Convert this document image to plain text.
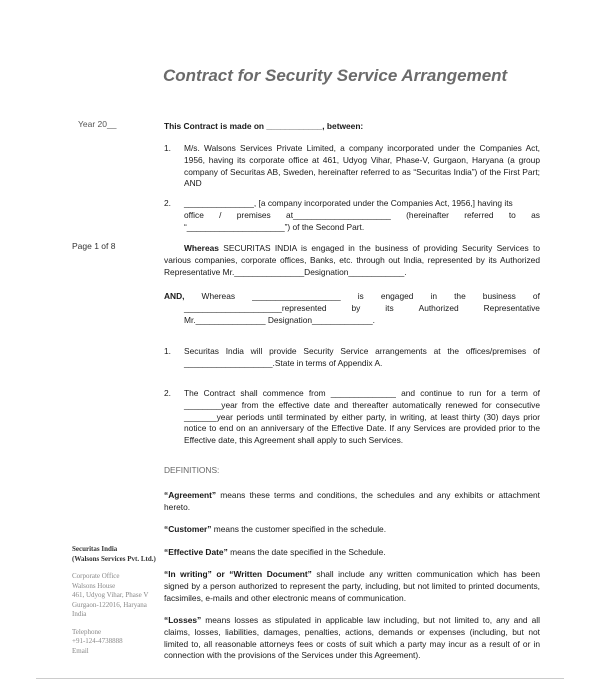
Contract for Security Service Arrangement
Year 20__
Page 1 of 8
Securitas India
(Walsons Services Pvt. Ltd.)
Corporate Office
Walsons House
461, Udyog Vihar, Phase V
Gurgaon-122016, Haryana
India
Telephone
+91-124-4738888
Email
This Contract is made on ____________, between:
1. M/s. Walsons Services Private Limited, a company incorporated under the Companies Act, 1956, having its corporate office at 461, Udyog Vihar, Phase-V, Gurgaon, Haryana (a group company of Securitas AB, Sweden, hereinafter referred to as “Securitas India”) of the First Part; AND
2. _______________, [a company incorporated under the Companies Act, 1956,] having its
office / premises at_____________________ (hereinafter referred to as
“_____________________”) of the Second Part.
Whereas SECURITAS INDIA is engaged in the business of providing Security Services to various companies, corporate offices, Banks, etc. through out India, represented by its Authorized Representative Mr._______________Designation____________.
AND, Whereas ___________________ is engaged in the business of
_____________________represented	by	its	Authorized	Representative
Mr._______________ Designation_____________.
1. Securitas India will provide Security Service arrangements at the offices/premises of ___________________.State in terms of Appendix A.
2. The Contract shall commence from ______________ and continue to run for a term of ________year from the effective date and thereafter automatically renewed for consecutive _______year periods until terminated by either party, in writing, at least thirty (30) days prior notice to end on an anniversary of the Effective Date. If any Services are provided prior to the Effective date, this Agreement shall apply to such Services.
DEFINITIONS:
“Agreement” means these terms and conditions, the schedules and any exhibits or attachment hereto.
“Customer” means the customer specified in the schedule.
“Effective Date” means the date specified in the Schedule.
“In writing” or “Written Document” shall include any written communication which has been signed by a person authorized to represent the party, including, but not limited to printed documents, facsimiles, e-mails and other electronic means of communication.
“Losses” means losses as stipulated in applicable law including, but not limited to, any and all claims, losses, liabilities, damages, penalties, actions, demands or expenses (including, but not limited to, all reasonable attorneys fees or costs of suit which a party may incur as a result of or in connection with the provisions of the Services under this Agreement).
